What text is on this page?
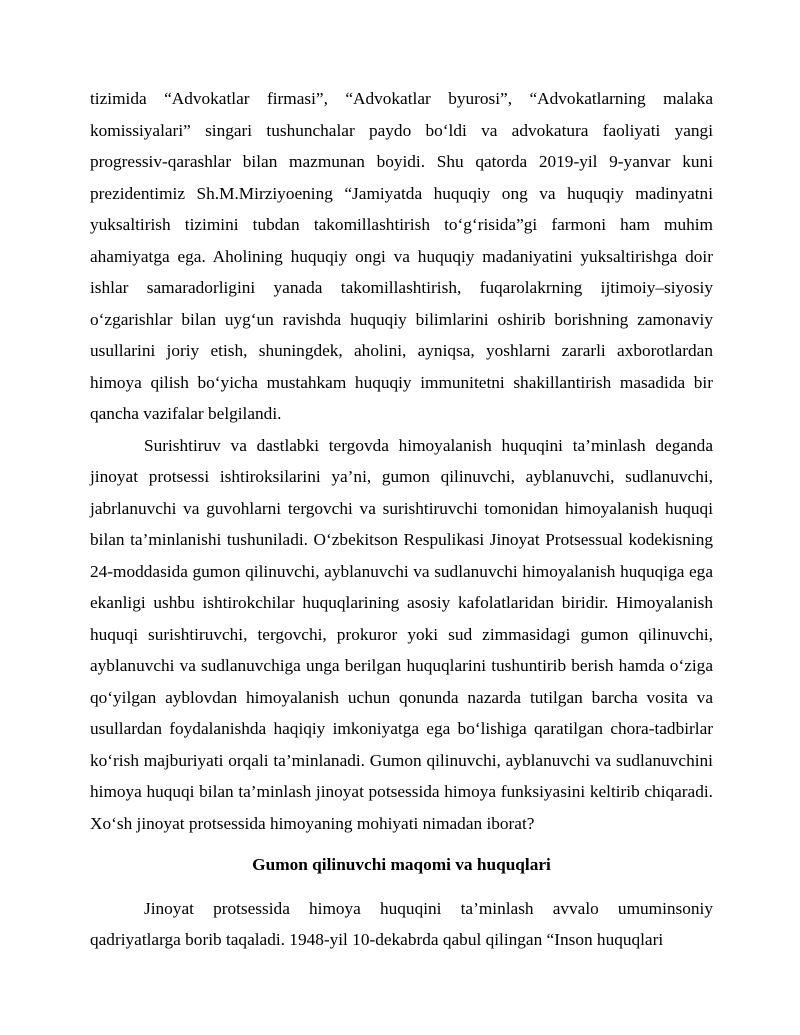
tizimida “Advokatlar firmasi”, “Advokatlar byurosi”, “Advokatlarning malaka komissiyalari” singari tushunchalar paydo bo‘ldi va advokatura faoliyati yangi progressiv-qarashlar bilan mazmunan boyidi. Shu qatorda 2019-yil 9-yanvar kuni prezidentimiz Sh.M.Mirziyoening “Jamiyatda huquqiy ong va huquqiy madinyatni yuksaltirish tizimini tubdan takomillashtirish to‘g‘risida”gi farmoni ham muhim ahamiyatga ega. Aholining huquqiy ongi va huquqiy madaniyatini yuksaltirishga doir ishlar samaradorligini yanada takomillashtirish, fuqarolakrning ijtimoiy–siyosiy o‘zgarishlar bilan uyg‘un ravishda huquqiy bilimlarini oshirib borishning zamonaviy usullarini joriy etish, shuningdek, aholini, ayniqsa, yoshlarni zararli axborotlardan himoya qilish bo‘yicha mustahkam huquqiy immunitetni shakillantirish masadida bir qancha vazifalar belgilandi.

Surishtiruv va dastlabki tergovda himoyalanish huquqini ta’minlash deganda jinoyat protsessi ishtiroksilarini ya’ni, gumon qilinuvchi, ayblanuvchi, sudlanuvchi, jabrlanuvchi va guvohlarni tergovchi va surishtiruvchi tomonidan himoyalanish huquqi bilan ta’minlanishi tushuniladi. O‘zbekitson Respulikasi Jinoyat Protsessual kodekisning 24-moddasida gumon qilinuvchi, ayblanuvchi va sudlanuvchi himoyalanish huquqiga ega ekanligi ushbu ishtirokchilar huquqlarining asosiy kafolatlaridan biridir. Himoyalanish huquqi surishtiruvchi, tergovchi, prokuror yoki sud zimmasidagi gumon qilinuvchi, ayblanuvchi va sudlanuvchiga unga berilgan huquqlarini tushuntirib berish hamda o‘ziga qo‘yilgan ayblovdan himoyalanish uchun qonunda nazarda tutilgan barcha vosita va usullardan foydalanishda haqiqiy imkoniyatga ega bo‘lishiga qaratilgan chora-tadbirlar ko‘rish majburiyati orqali ta’minlanadi. Gumon qilinuvchi, ayblanuvchi va sudlanuvchini himoya huquqi bilan ta’minlash jinoyat potsessida himoya funksiyasini keltirib chiqaradi. Xo‘sh jinoyat protsessida himoyaning mohiyati nimadan iborat?

Gumon qilinuvchi maqomi va huquqlari

Jinoyat protsessida himoya huquqini ta’minlash avvalo umuminsoniy qadriyatlarga borib taqaladi. 1948-yil 10-dekabrda qabul qilingan “Inson huquqlari
